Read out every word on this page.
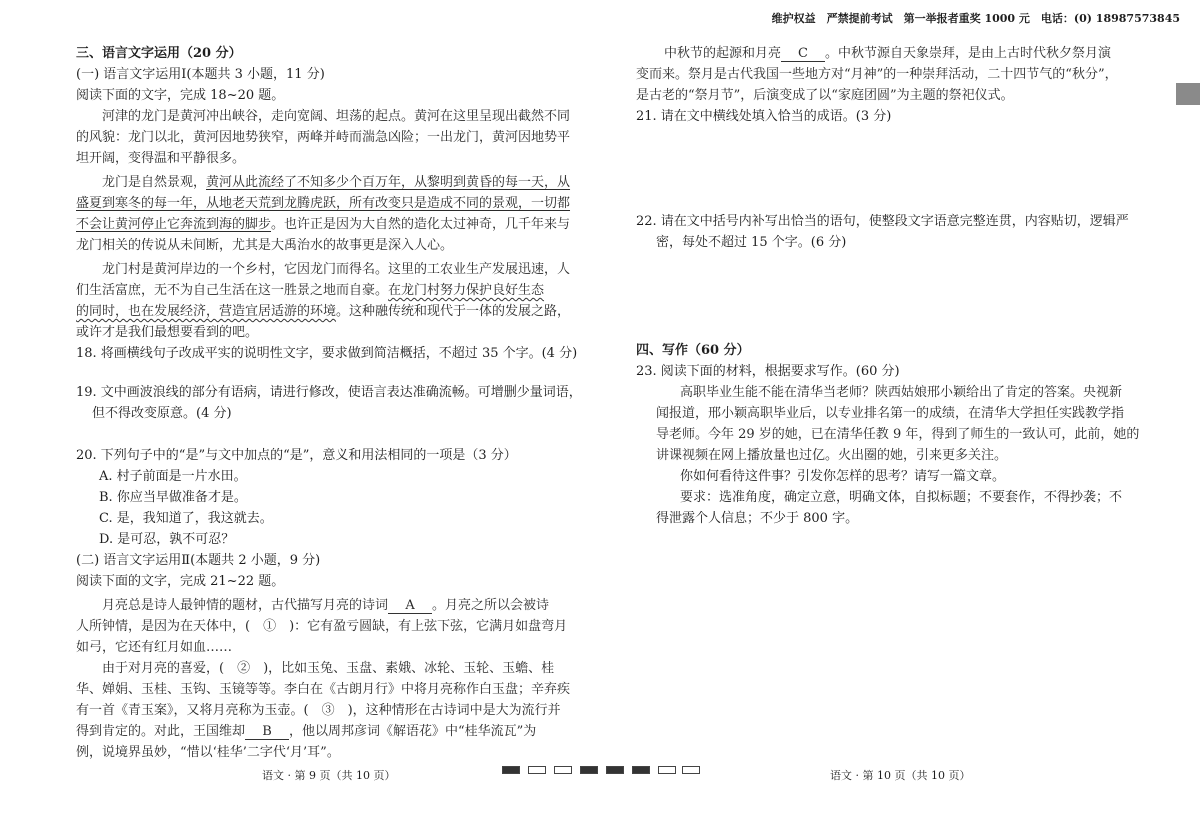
维护权益　严禁提前考试　第一举报者重奖 1000 元　电话：(0) 18987573845
三、语言文字运用（20 分）
(一) 语言文字运用Ⅰ(本题共 3 小题，11 分)
阅读下面的文字，完成 18~20 题。
　　河津的龙门是黄河冲出峡谷，走向宽阔、坦荡的起点。黄河在这里呈现出截然不同
的风貌：龙门以北，黄河因地势狭窄，两峰并峙而湍急凶险；一出龙门，黄河因地势平
坦开阔，变得温和平静很多。
　　龙门是自然景观，黄河从此流经了不知多少个百万年，从黎明到黄昏的每一天，从
盛夏到寒冬的每一年，从地老天荒到龙腾虎跃，所有改变只是造成不同的景观，一切都
不会让黄河停止它奔流到海的脚步。也许正是因为大自然的造化太过神奇，几千年来与
龙门相关的传说从未间断，尤其是大禹治水的故事更是深入人心。
　　龙门村是黄河岸边的一个乡村，它因龙门而得名。这里的工农业生产发展迅速，人
们生活富庶，无不为自己生活在这一胜景之地而自豪。在龙门村努力保护良好生态
的同时，也在发展经济，营造宜居适游的环境。这种融传统和现代于一体的发展之路，
或许才是我们最想要看到的吧。
18. 将画横线句子改成平实的说明性文字，要求做到简洁概括，不超过 35 个字。(4 分)
19. 文中画波浪线的部分有语病，请进行修改，使语言表达准确流畅。可增删少量词语，
但不得改变原意。(4 分)
20. 下列句子中的“是”与文中加点的“是”，意义和用法相同的一项是（3 分）
A. 村子前面是一片水田。
B. 你应当早做准备才是。
C. 是，我知道了，我这就去。
D. 是可忍，孰不可忍？
(二) 语言文字运用Ⅱ(本题共 2 小题，9 分)
阅读下面的文字，完成 21~22 题。
　　月亮总是诗人最钟情的题材，古代描写月亮的诗词 A 。月亮之所以会被诗
人所钟情，是因为在天体中，(　①　)：它有盈亏圆缺，有上弦下弦，它满月如盘弯月
如弓，它还有红月如血……
　　由于对月亮的喜爱，(　②　)，比如玉兔、玉盘、素娥、冰轮、玉轮、玉蟾、桂
华、婵娟、玉桂、玉钩、玉镜等等。李白在《古朗月行》中将月亮称作白玉盘；辛弃疾
有一首《青玉案》，又将月亮称为玉壶。(　③　)，这种情形在古诗词中是大为流行并
得到肯定的。对此，王国维却 B ，他以周邦彦词《解语花》中“桂华流瓦”为
例，说境界虽妙，“惜以‘桂华’二字代‘月’耳”。
语文 · 第 9 页（共 10 页）
中秋节的起源和月亮 C 。中秋节源自天象崇拜，是由上古时代秋夕祭月演
变而来。祭月是古代我国一些地方对“月神”的一种崇拜活动，二十四节气的“秋分”，
是古老的“祭月节”，后演变成了以“家庭团圆”为主题的祭祀仪式。
21. 请在文中横线处填入恰当的成语。(3 分)
22. 请在文中括号内补写出恰当的语句，使整段文字语意完整连贯，内容贴切，逻辑严
密，每处不超过 15 个字。(6 分)
四、写作（60 分）
23. 阅读下面的材料，根据要求写作。(60 分)
高职毕业生能不能在清华当老师？陕西姑娘邢小颖给出了肯定的答案。央视新
闻报道，邢小颖高职毕业后，以专业排名第一的成绩，在清华大学担任实践教学指
导老师。今年 29 岁的她，已在清华任教 9 年，得到了师生的一致认可，此前，她的
讲课视频在网上播放量也过亿。火出圈的她，引来更多关注。
你如何看待这件事？引发你怎样的思考？请写一篇文章。
要求：选准角度，确定立意，明确文体，自拟标题；不要套作，不得抄袭；不
得泄露个人信息；不少于 800 字。
语文 · 第 10 页（共 10 页）
